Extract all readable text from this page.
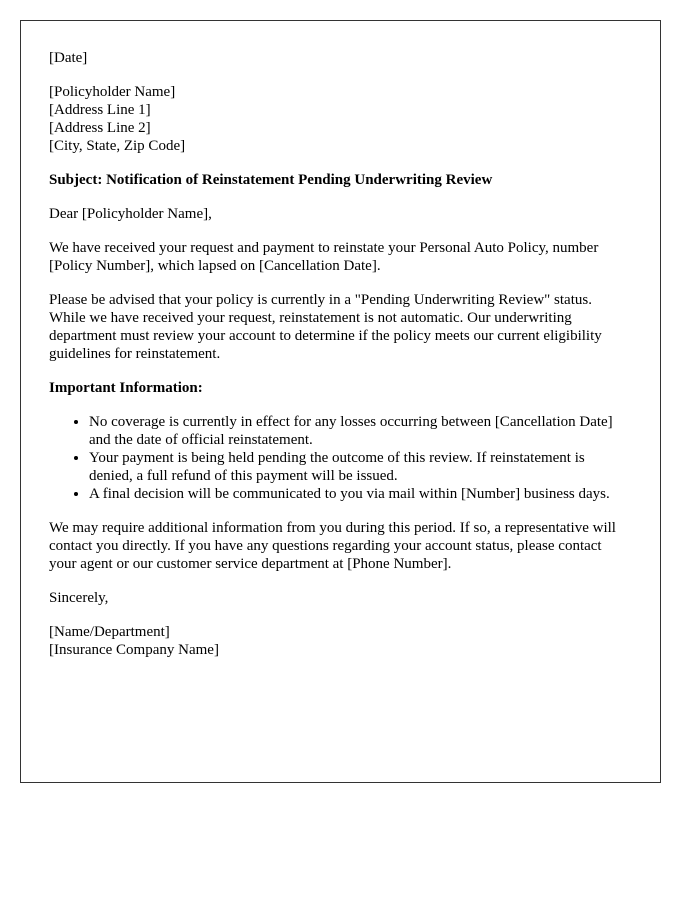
[Date]

[Policyholder Name]
[Address Line 1]
[Address Line 2]
[City, State, Zip Code]

Subject: Notification of Reinstatement Pending Underwriting Review

Dear [Policyholder Name],

We have received your request and payment to reinstate your Personal Auto Policy, number [Policy Number], which lapsed on [Cancellation Date].

Please be advised that your policy is currently in a "Pending Underwriting Review" status. While we have received your request, reinstatement is not automatic. Our underwriting department must review your account to determine if the policy meets our current eligibility guidelines for reinstatement.

Important Information:

• No coverage is currently in effect for any losses occurring between [Cancellation Date] and the date of official reinstatement.
• Your payment is being held pending the outcome of this review. If reinstatement is denied, a full refund of this payment will be issued.
• A final decision will be communicated to you via mail within [Number] business days.

We may require additional information from you during this period. If so, a representative will contact you directly. If you have any questions regarding your account status, please contact your agent or our customer service department at [Phone Number].

Sincerely,

[Name/Department]
[Insurance Company Name]
